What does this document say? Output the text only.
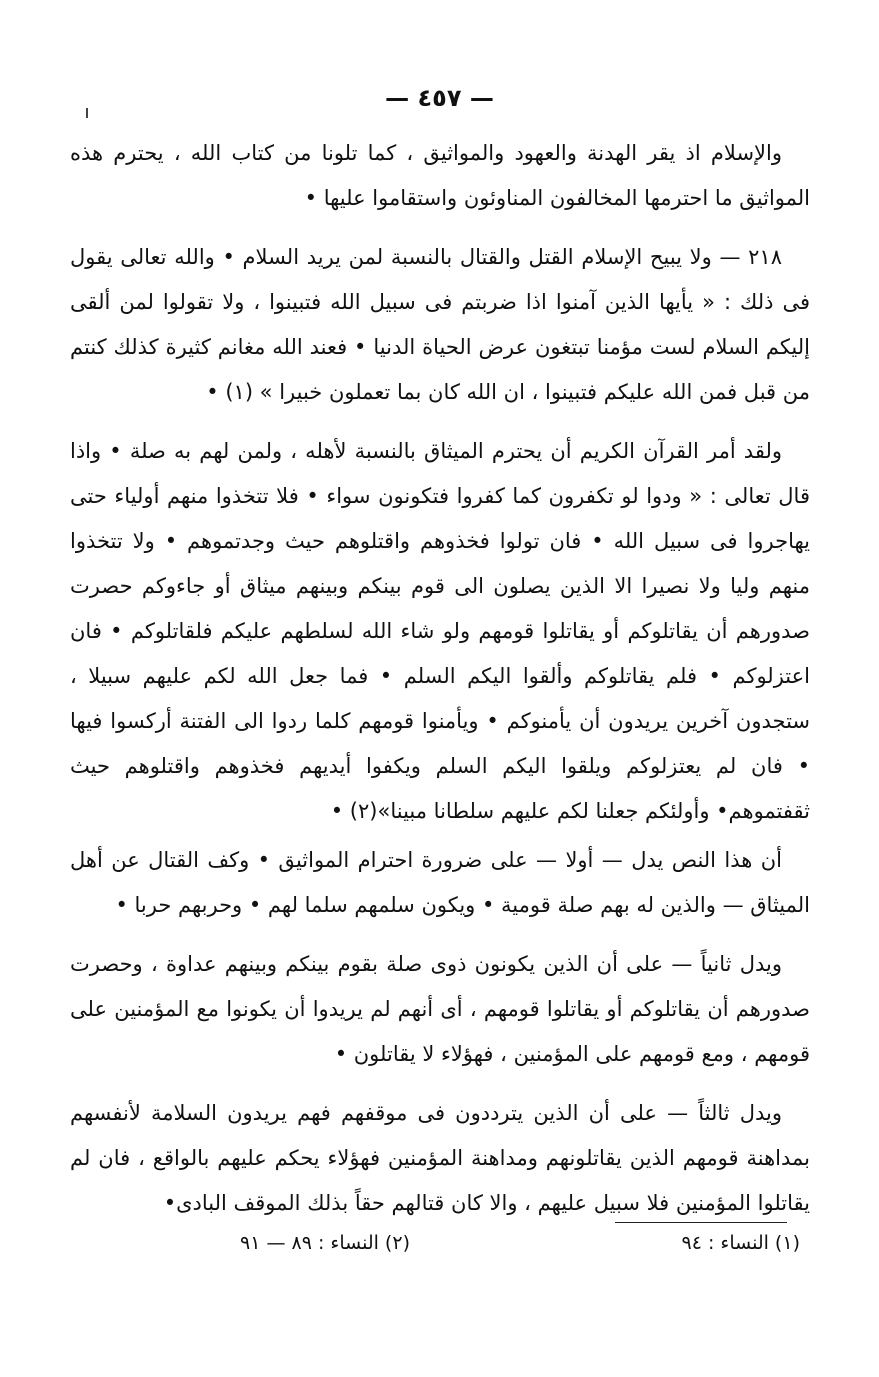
— ٤٥٧ —

والإسلام اذ يقر الهدنة والعهود والمواثيق ، كما تلونا من كتاب الله ، يحترم هذه المواثيق ما احترمها المخالفون المناوئون واستقاموا عليها •

٢١٨ — ولا يبيح الإسلام القتل والقتال بالنسبة لمن يريد السلام • والله تعالى يقول فى ذلك : « يأيها الذين آمنوا اذا ضربتم فى سبيل الله فتبينوا ، ولا تقولوا لمن ألقى إليكم السلام لست مؤمنا تبتغون عرض الحياة الدنيا • فعند الله مغانم كثيرة كذلك كنتم من قبل فمن الله عليكم فتبينوا ، ان الله كان بما تعملون خبيرا » (١) •

ولقد أمر القرآن الكريم أن يحترم الميثاق بالنسبة لأهله ، ولمن لهم به صلة • واذا قال تعالى : « ودوا لو تكفرون كما كفروا فتكونون سواء • فلا تتخذوا منهم أولياء حتى يهاجروا فى سبيل الله • فان تولوا فخذوهم واقتلوهم حيث وجدتموهم • ولا تتخذوا منهم وليا ولا نصيرا الا الذين يصلون الى قوم بينكم وبينهم ميثاق أو جاءوكم حصرت صدورهم أن يقاتلوكم أو يقاتلوا قومهم ولو شاء الله لسلطهم عليكم فلقاتلوكم • فان اعتزلوكم • فلم يقاتلوكم وألقوا اليكم السلم • فما جعل الله لكم عليهم سبيلا ، ستجدون آخرين يريدون أن يأمنوكم • ويأمنوا قومهم كلما ردوا الى الفتنة أركسوا فيها • فان لم يعتزلوكم ويلقوا اليكم السلم ويكفوا أيديهم فخذوهم واقتلوهم حيث ثقفتموهم• وأولئكم جعلنا لكم عليهم سلطانا مبينا»(٢) •

أن هذا النص يدل — أولا — على ضرورة احترام المواثيق • وكف القتال عن أهل الميثاق — والذين له بهم صلة قومية • ويكون سلمهم سلما لهم • وحربهم حربا •

ويدل ثانياً — على أن الذين يكونون ذوى صلة بقوم بينكم وبينهم عداوة ، وحصرت صدورهم أن يقاتلوكم أو يقاتلوا قومهم ، أى أنهم لم يريدوا أن يكونوا مع المؤمنين على قومهم ، ومع قومهم على المؤمنين ، فهؤلاء لا يقاتلون •

ويدل ثالثاً — على أن الذين يترددون فى موقفهم فهم يريدون السلامة لأنفسهم بمداهنة قومهم الذين يقاتلونهم ومداهنة المؤمنين فهؤلاء يحكم عليهم بالواقع ، فان لم يقاتلوا المؤمنين فلا سبيل عليهم ، والا كان قتالهم حقاً بذلك الموقف البادى•

(١) النساء : ٩٤
(٢) النساء : ٨٩ — ٩١
